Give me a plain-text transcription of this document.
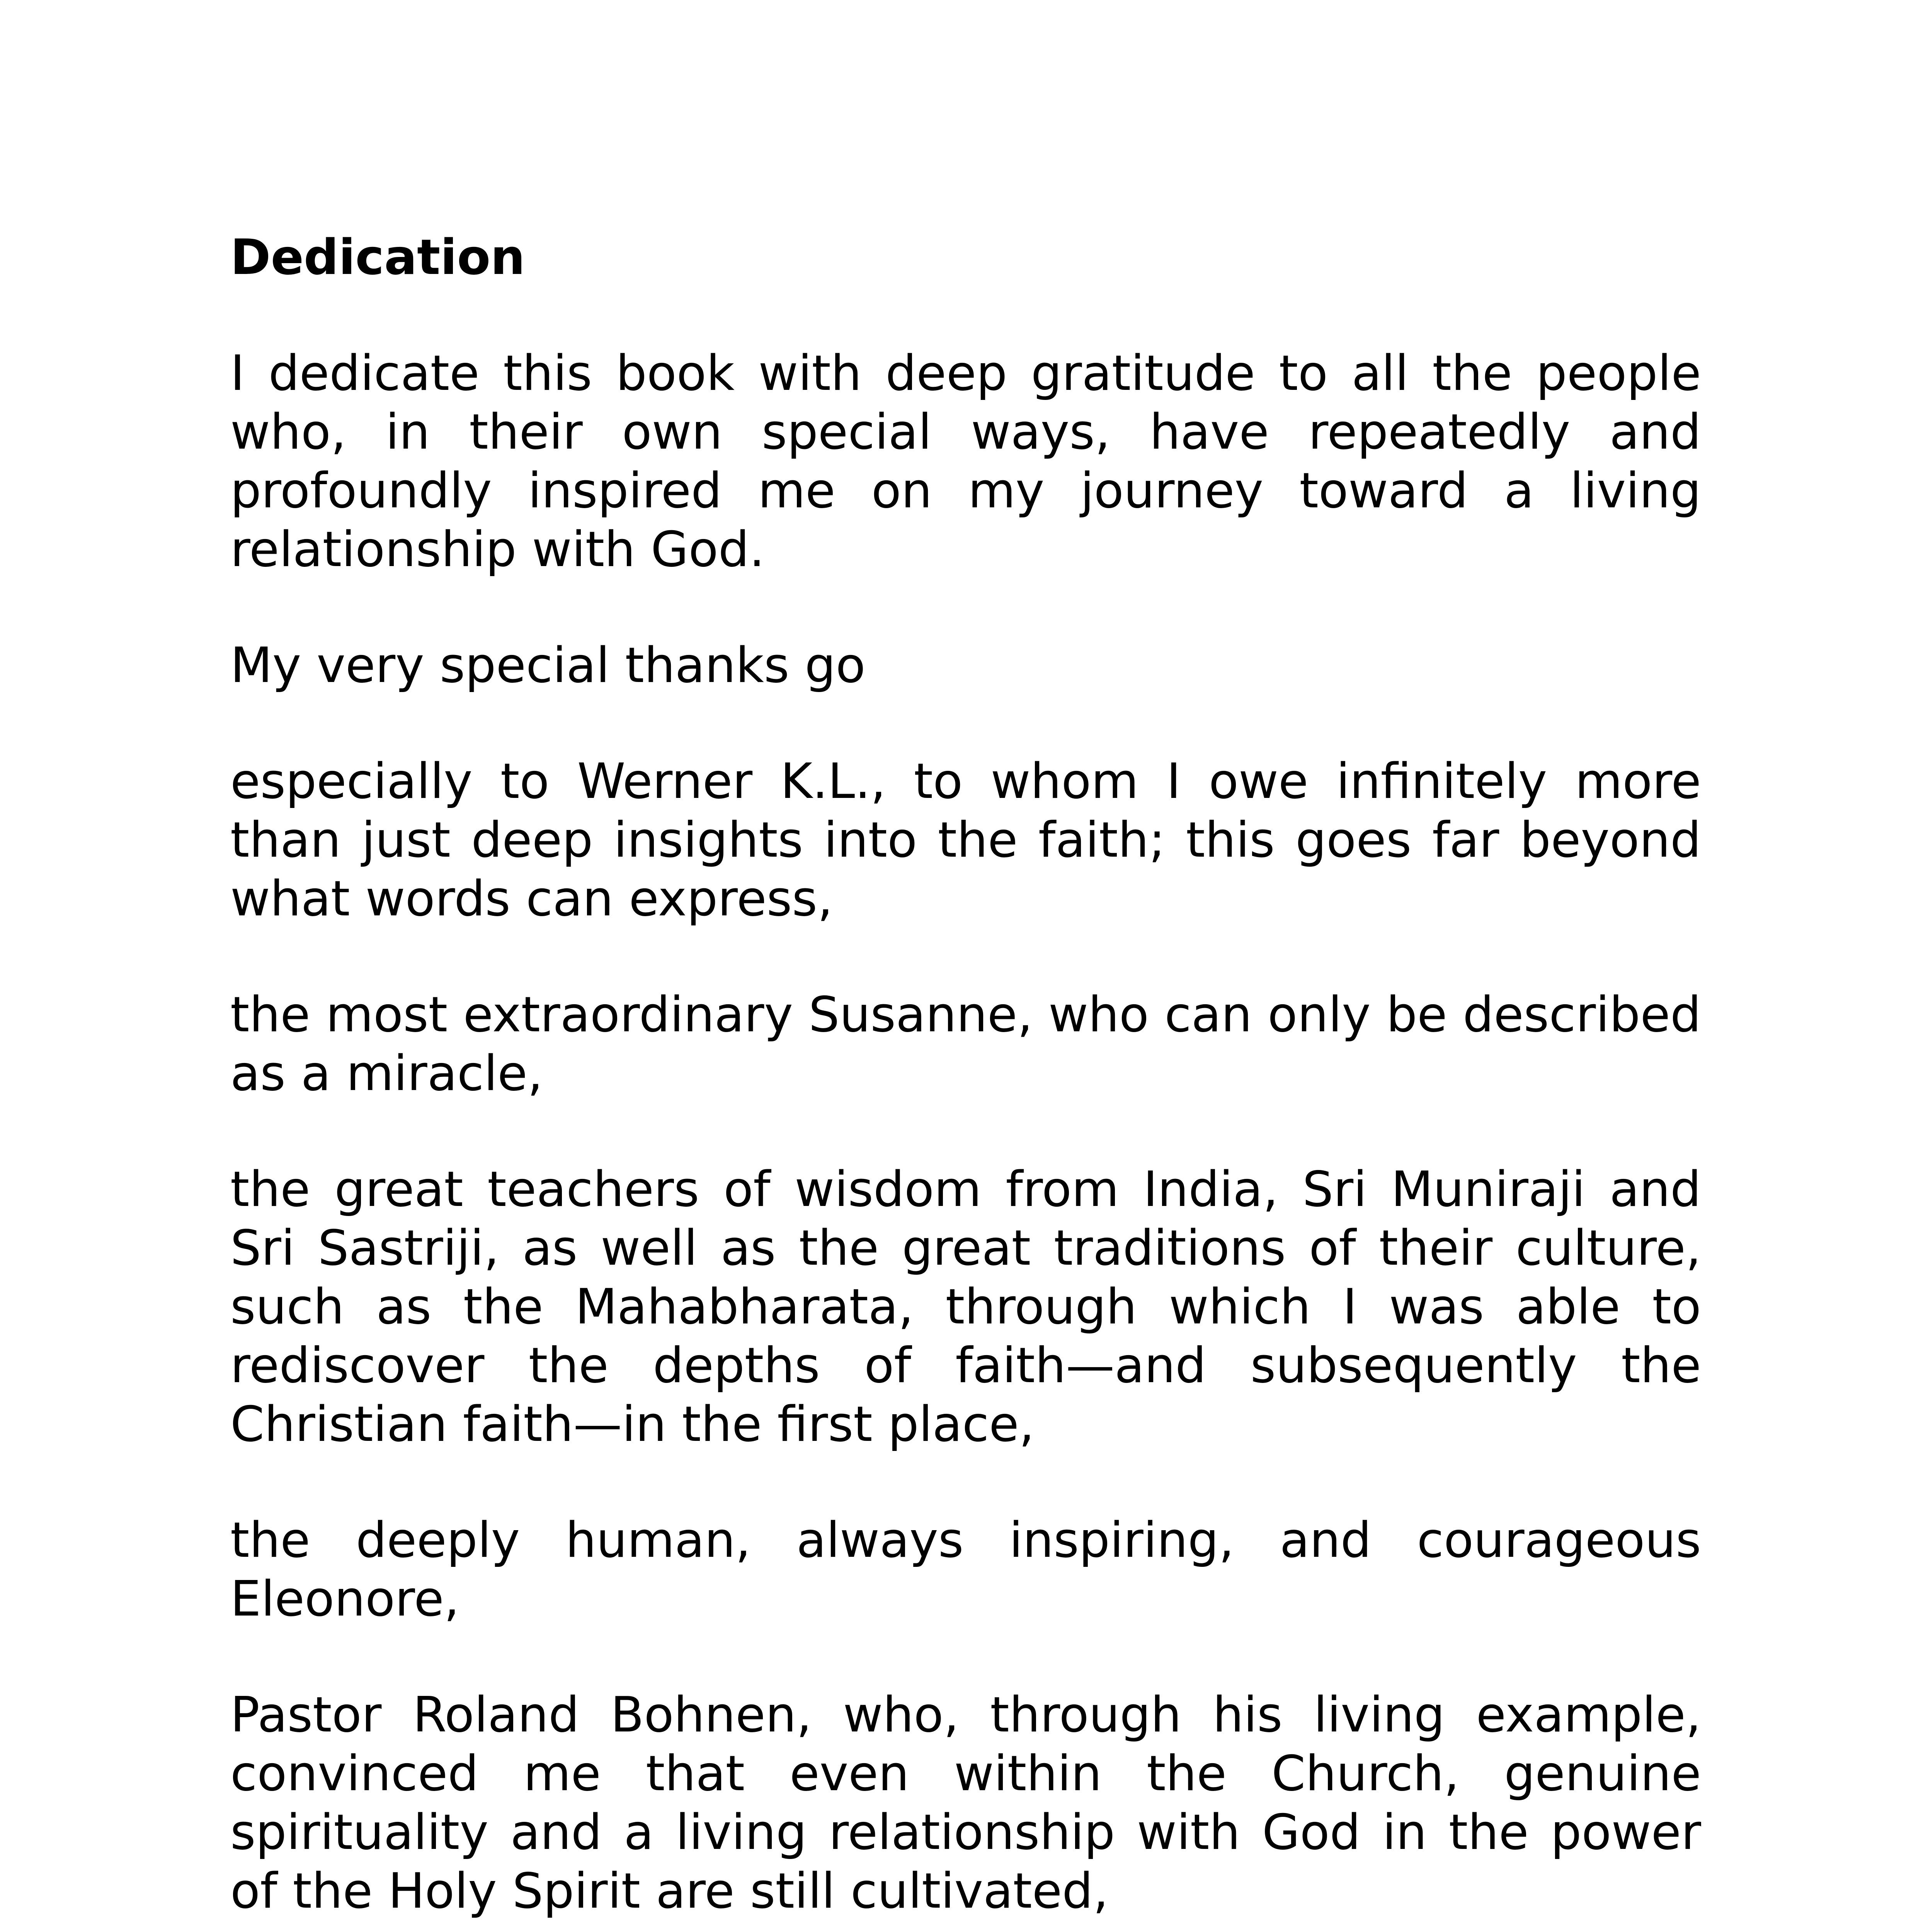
Dedication

I dedicate this book with deep gratitude to all the people who, in their own special ways, have repeatedly and profoundly inspired me on my journey toward a living relationship with God.

My very special thanks go

especially to Werner K.L., to whom I owe infinitely more than just deep insights into the faith; this goes far beyond what words can express,

the most extraordinary Susanne, who can only be described as a miracle,

the great teachers of wisdom from India, Sri Muniraji and Sri Sastriji, as well as the great traditions of their culture, such as the Mahabharata, through which I was able to rediscover the depths of faith—and subsequently the Christian faith—in the first place,

the deeply human, always inspiring, and courageous Eleonore,

Pastor Roland Bohnen, who, through his living example, convinced me that even within the Church, genuine spirituality and a living relationship with God in the power of the Holy Spirit are still cultivated,
